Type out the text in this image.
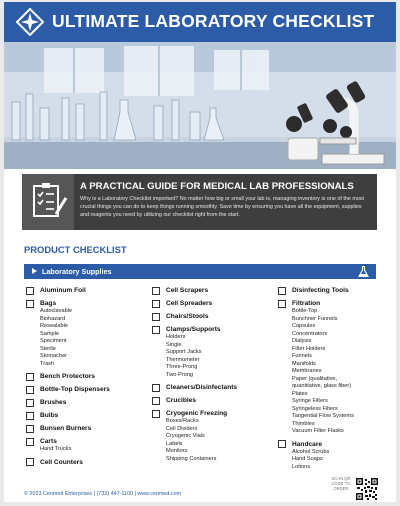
ULTIMATE LABORATORY CHECKLIST
A PRACTICAL GUIDE FOR MEDICAL LAB PROFESSIONALS
Why is a Laboratory Checklist important? No matter how big or small your lab is, managing inventory is one of the most crucial things you can do to keep things running smoothly. Save time by ensuring you have all the equipment, supplies and reagents you need by utilizing our checklist right from the start.
PRODUCT CHECKLIST
Laboratory Supplies
Aluminum Foil
Bags
Autoclavable
Biohazard
Resealable
Sample
Speciment
Sterile
Stomacher
Trash
Bench Protectors
Bottle-Top Dispensers
Brushes
Bulbs
Bunsen Burners
Carts
Hand Trucks
Cell Counters
Cell Scrapers
Cell Spreaders
Chairs/Stools
Clamps/Supports
Holders
Single
Support Jacks
Thermometer
Three-Prong
Two-Prong
Cleaners/Disinfectants
Crucibles
Cryogenic Freezing
Boxes/Racks
Cell Dividers
Cryogenic Vials
Labels
Monitors
Shipping Containers
Disinfecting Tools
Filtration
Bottle-Top
Bunchner Funnels
Capsules
Concentrators
Dialysis
Filter Holders
Funnels
Manifolds
Membranes
Paper (qualitative,
quantitative, glass fiber)
Plates
Syringe Filters
Syringeless Filters
Tangential Flow Systems
Thimbles
Vacuum Filter Flasks
Handcare
Alcohol Scrubs
Hand Soaps
Lotions
© 2023 Cenmed Enterprises | (732) 447-1100 | www.cenmed.com
SCAN QR CODE TO ORDER
